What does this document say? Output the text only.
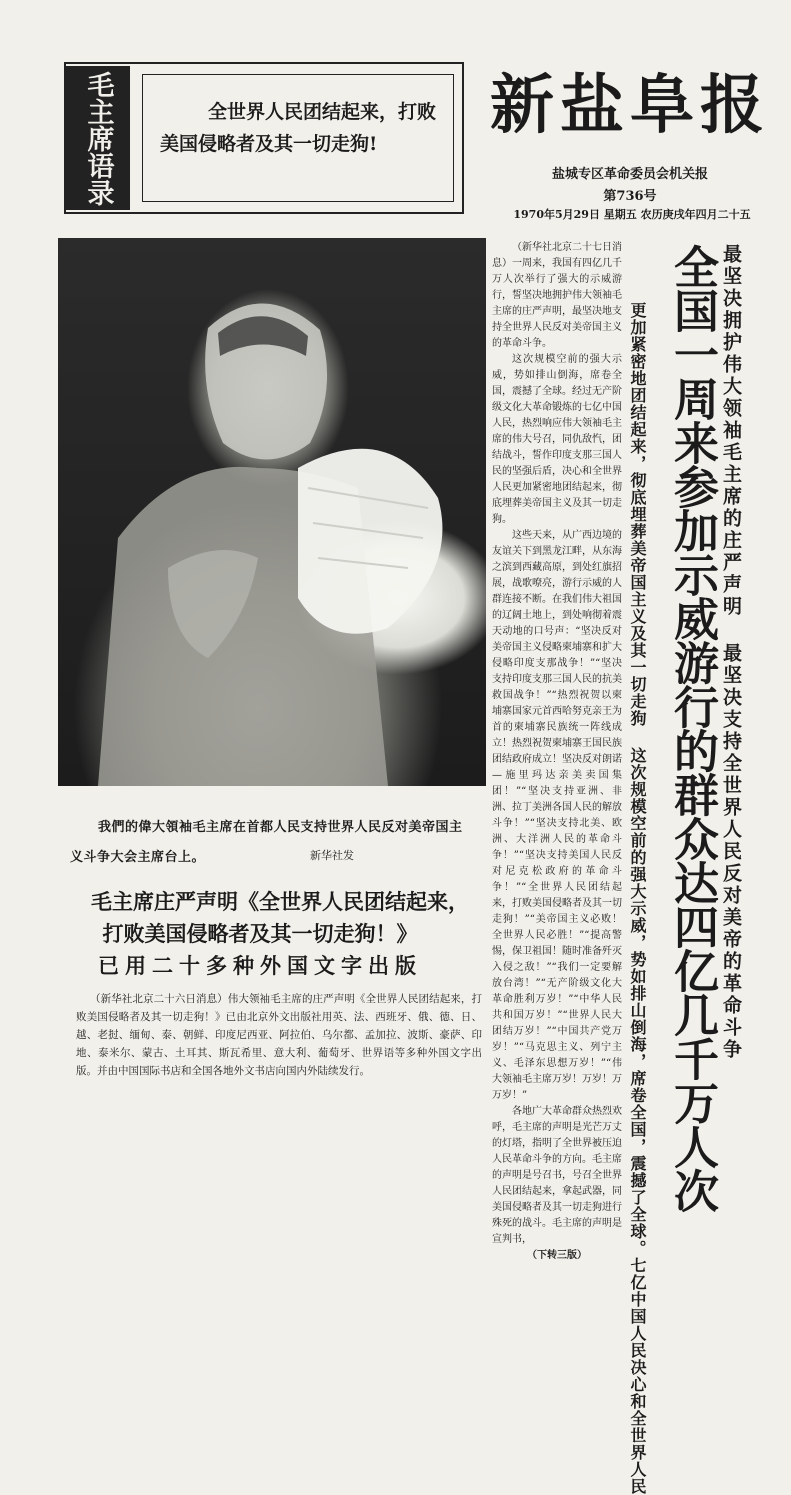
毛主席语录	全世界人民团结起来，打败美国侵略者及其一切走狗!
新盐阜报
盐城专区革命委员会机关报
第736号
1970年5月29日 星期五 农历庚戌年四月二十五
我們的偉大領袖毛主席在首都人民支持世界人民反对美帝国主
义斗争大会主席台上。	新华社发
毛主席庄严声明《全世界人民团结起来，
打败美国侵略者及其一切走狗！》
已用二十多种外国文字出版
（新华社北京二十六日消息）伟大领袖毛主席的庄严声明《全世界人民团结起来，打败美国侵略者及其一切走狗！》已由北京外文出版社用英、法、西班牙、俄、德、日、越、老挝、缅甸、泰、朝鲜、印度尼西亚、阿拉伯、乌尔都、孟加拉、波斯、豪萨、印地、泰米尔、蒙古、土耳其、斯瓦希里、意大利、葡萄牙、世界语等多种外国文字出版。并由中国国际书店和全国各地外文书店向国内外陆续发行。
最坚决拥护伟大领袖毛主席的庄严声明 最坚决支持全世界人民反对美帝的革命斗争
全国一周来参加示威游行的群众达四亿几千万人次
更加紧密地团结起来，彻底埋葬美帝国主义及其一切走狗 这次规模空前的强大示威，势如排山倒海，席卷全国，震撼了全球。七亿中国人民决心和全世界人民

（新华社北京二十七日消息）一周来，我国有四亿几千万人次举行了强大的示威游行，誓坚决地拥护伟大领袖毛主席的庄严声明，最坚决地支持全世界人民反对美帝国主义的革命斗争。

这次规模空前的强大示威，势如排山倒海，席卷全国，震撼了全球。经过无产阶级文化大革命锻炼的七亿中国人民，热烈响应伟大领袖毛主席的伟大号召，同仇敌忾，团结战斗，誓作印度支那三国人民的坚强后盾，决心和全世界人民更加紧密地团结起来，彻底埋葬美帝国主义及其一切走狗。

这些天来，从广西边境的友谊关下到黑龙江畔，从东海之滨到西藏高原，到处红旗招展，战歌嘹亮，游行示威的人群连接不断。在我们伟大祖国的辽阔土地上，到处响彻着震天动地的口号声：“坚决反对美帝国主义侵略柬埔寨和扩大侵略印度支那战争！”“坚决支持印度支那三国人民的抗美救国战争！”“热烈祝贺以柬埔寨国家元首西哈努克亲王为首的柬埔寨民族统一阵线成立！热烈祝贺柬埔寨王国民族团结政府成立！坚决反对朗诺—施里玛达亲美卖国集团！”“坚决支持亚洲、非洲、拉丁美洲各国人民的解放斗争！”“坚决支持北美、欧洲、大洋洲人民的革命斗争！”“坚决支持美国人民反对尼克松政府的革命斗争！”“全世界人民团结起来，打败美国侵略者及其一切走狗！”“美帝国主义必败！全世界人民必胜！”“提高警惕，保卫祖国！随时准备歼灭入侵之敌！”“我们一定要解放台湾！”“无产阶级文化大革命胜利万岁！”“中华人民共和国万岁！”“世界人民大团结万岁！”“中国共产党万岁！”“马克思主义、列宁主义、毛泽东思想万岁！”“伟大领袖毛主席万岁！万岁！万万岁！”

各地广大革命群众热烈欢呼，毛主席的声明是光芒万丈的灯塔，指明了全世界被压迫人民革命斗争的方向。毛主席的声明是号召书，号召全世界人民团结起来，拿起武器，同美国侵略者及其一切走狗进行殊死的战斗。毛主席的声明是宣判书，

（下转三版）
